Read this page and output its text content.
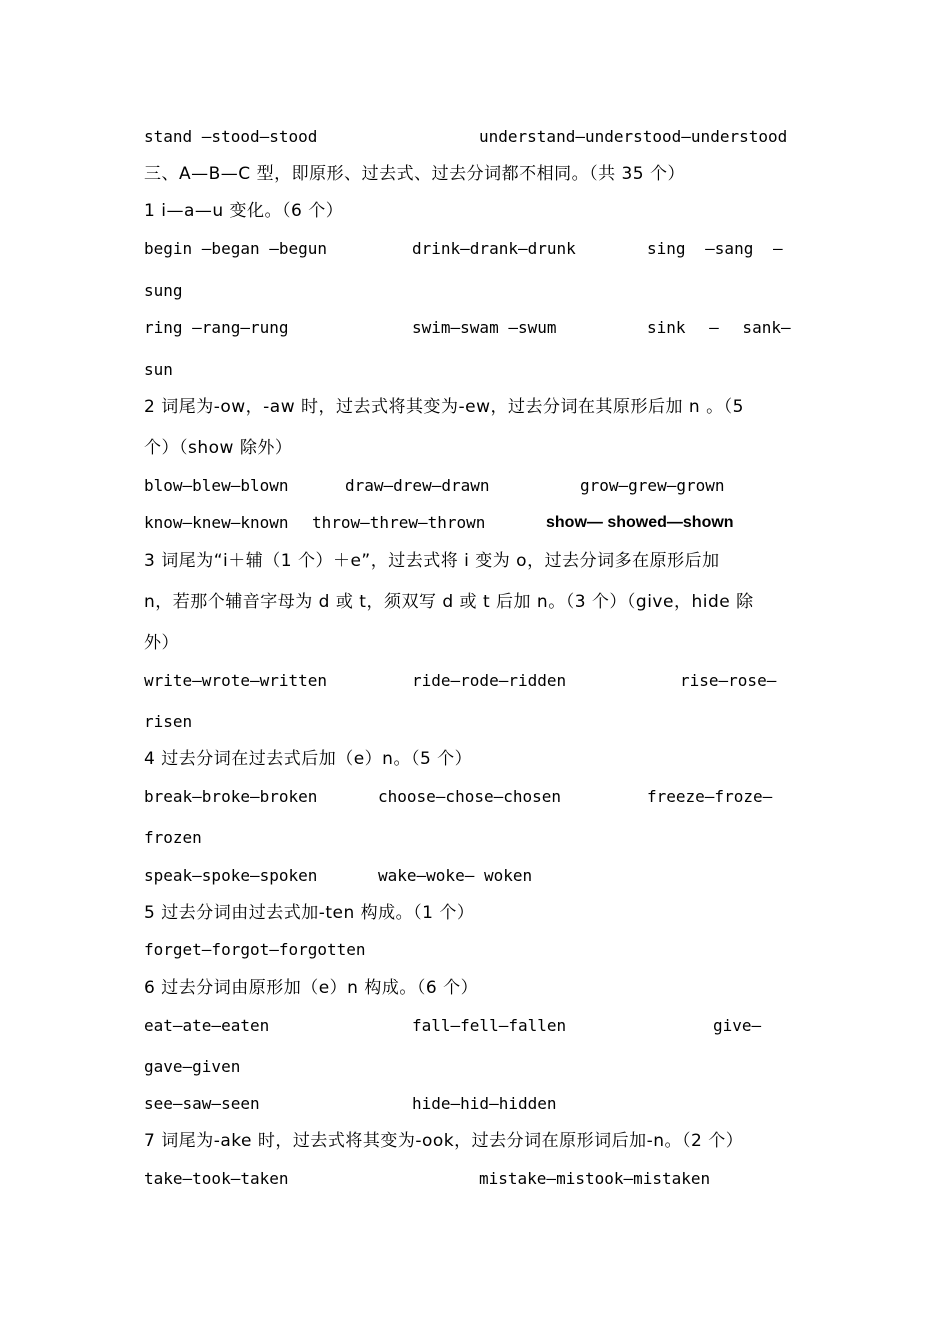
stand —stood—stood	understand—understood—understood
三、A—B—C 型，即原形、过去式、过去分词都不相同。（共 35 个）
1 i—a—u 变化。（6 个）
begin —began —begun	drink—drank—drunk	sing —sang —
sung
ring —rang—rung	swim—swam —swum	sink — sank—
sun
2 词尾为-ow，-aw 时，过去式将其变为-ew，过去分词在其原形后加 n 。（5
个）（show 除外）
blow—blew—blown	draw—drew—drawn	grow—grew—grown
know—knew—known throw—threw—thrown	show— showed—shown
3 词尾为“i＋辅（1 个）＋e”，过去式将 i 变为 o，过去分词多在原形后加
n，若那个辅音字母为 d 或 t，须双写 d 或 t 后加 n。（3 个）（give，hide 除
外）
write—wrote—written	ride—rode—ridden	rise—rose—
risen
4 过去分词在过去式后加（e）n。（5 个）
break—broke—broken	choose—chose—chosen	freeze—froze—
frozen
speak—spoke—spoken	wake—woke— woken
5 过去分词由过去式加-ten 构成。（1 个）
forget—forgot—forgotten
6 过去分词由原形加（e）n 构成。（6 个）
eat—ate—eaten	fall—fell—fallen	give—
gave—given
see—saw—seen	hide—hid—hidden
7 词尾为-ake 时，过去式将其变为-ook，过去分词在原形词后加-n。（2 个）
take—took—taken	mistake—mistook—mistaken
